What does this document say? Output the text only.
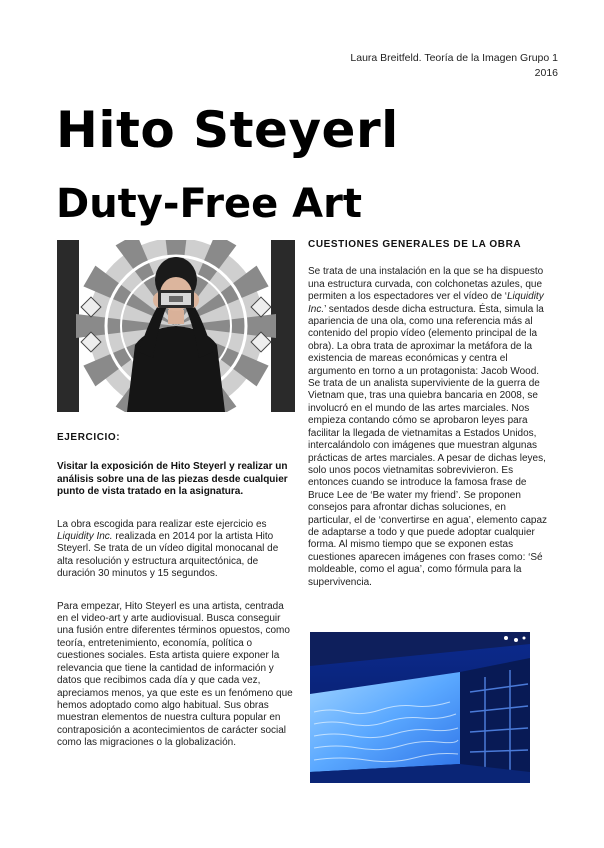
Laura Breitfeld. Teoría de la Imagen Grupo 1
2016
Hito Steyerl
Duty-Free Art
EJERCICIO:

Visitar la exposición de Hito Steyerl y realizar un análisis sobre una de las piezas desde cualquier punto de vista tratado en la asignatura.

La obra escogida para realizar este ejercicio es Liquidity Inc. realizada en 2014 por la artista Hito Steyerl. Se trata de un vídeo digital monocanal de alta resolución y estructura arquitectónica, de duración 30 minutos y 15 segundos.

Para empezar, Hito Steyerl es una artista, centrada en el video-art y arte audiovisual. Busca conseguir una fusión entre diferentes términos opuestos, como teoría, entretenimiento, economía, política o cuestiones sociales. Esta artista quiere exponer la relevancia que tiene la cantidad de información y datos que recibimos cada día y que cada vez, apreciamos menos, ya que este es un fenómeno que hemos adoptado como algo habitual. Sus obras muestran elementos de nuestra cultura popular en contraposición a acontecimientos de carácter social como las migraciones o la globalización.

CUESTIONES GENERALES DE LA OBRA

Se trata de una instalación en la que se ha dispuesto una estructura curvada, con colchonetas azules, que permiten a los espectadores ver el vídeo de ‘Liquidity Inc.’ sentados desde dicha estructura. Ésta, simula la apariencia de una ola, como una referencia más al contenido del propio vídeo (elemento principal de la obra). La obra trata de aproximar la metáfora de la existencia de mareas económicas y centra el argumento en torno a un protagonista: Jacob Wood. Se trata de un analista superviviente de la guerra de Vietnam que, tras una quiebra bancaria en 2008, se involucró en el mundo de las artes marciales. Nos empieza contando cómo se aprobaron leyes para facilitar la llegada de vietnamitas a Estados Unidos, intercalándolo con imágenes que muestran algunas prácticas de artes marciales. A pesar de dichas leyes, solo unos pocos vietnamitas sobrevivieron. Es entonces cuando se introduce la famosa frase de Bruce Lee de ‘Be water my friend’. Se proponen consejos para afrontar dichas soluciones, en particular, el de ‘convertirse en agua’, elemento capaz de adaptarse a todo y que puede adoptar cualquier forma. Al mismo tiempo que se exponen estas cuestiones aparecen imágenes con frases como: ‘Sé moldeable, como el agua’, como fórmula para la supervivencia.
